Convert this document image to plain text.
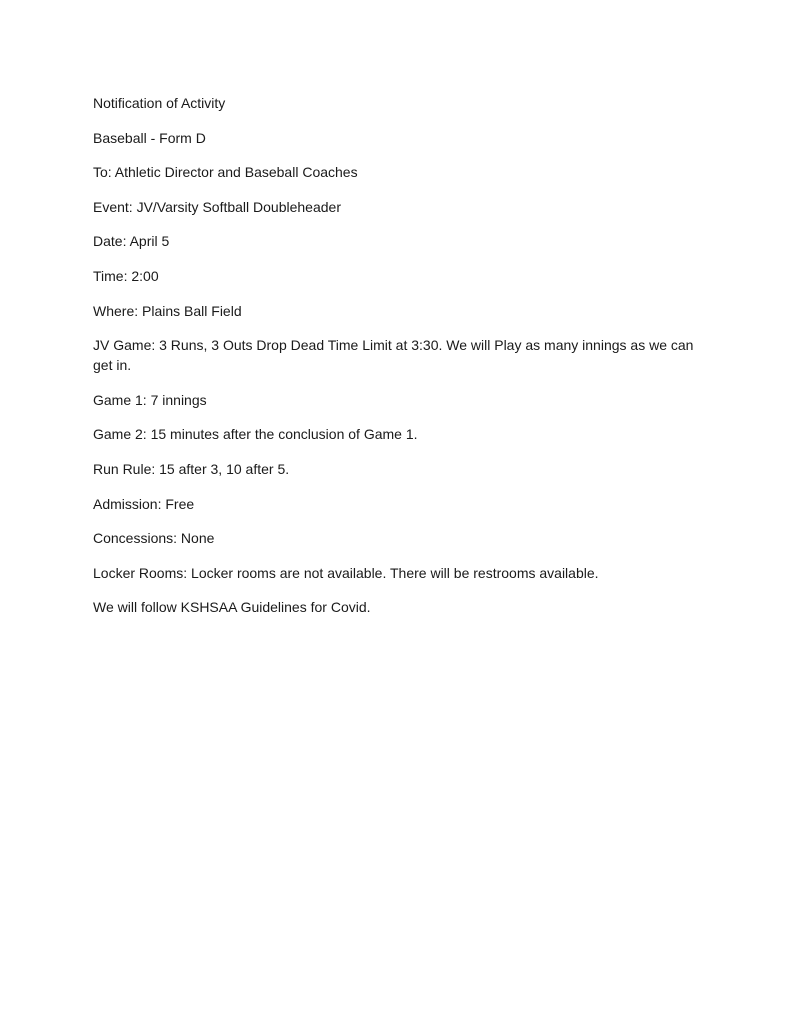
Notification of Activity

Baseball - Form D

To: Athletic Director and Baseball Coaches

Event: JV/Varsity Softball Doubleheader

Date: April 5

Time: 2:00

Where: Plains Ball Field

JV Game: 3 Runs, 3 Outs Drop Dead Time Limit at 3:30. We will Play as many innings as we can get in.

Game 1: 7 innings

Game 2: 15 minutes after the conclusion of Game 1.

Run Rule: 15 after 3, 10 after 5.

Admission: Free

Concessions: None

Locker Rooms: Locker rooms are not available. There will be restrooms available.

We will follow KSHSAA Guidelines for Covid.
